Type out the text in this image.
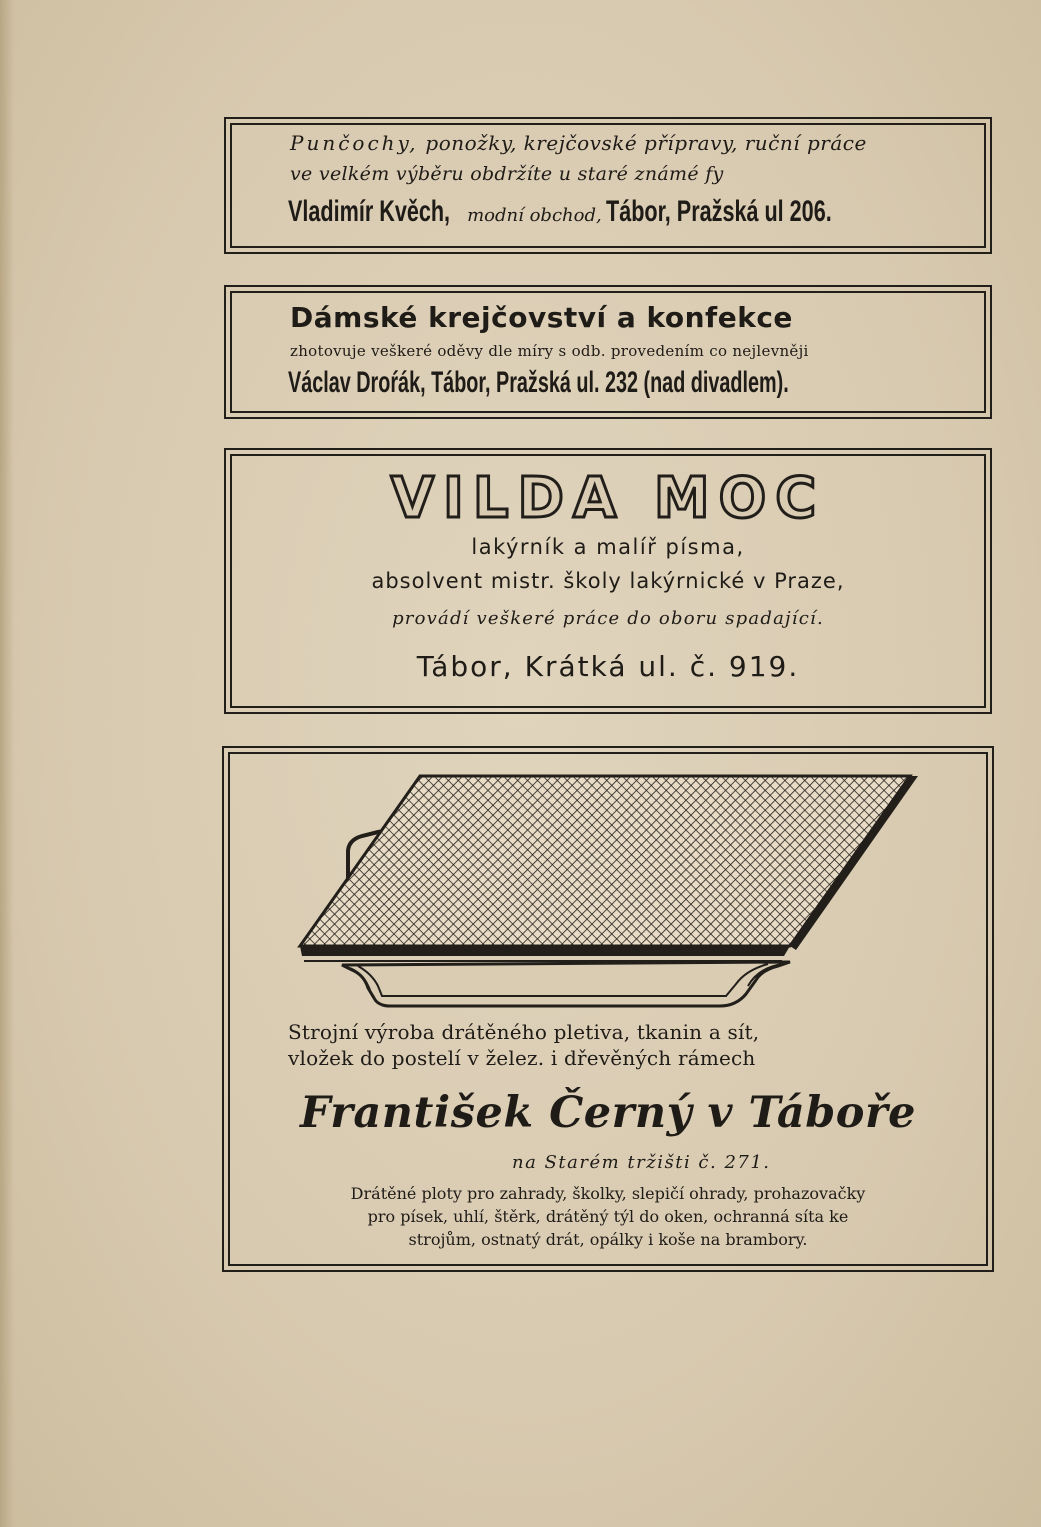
Punčochy, ponožky, krejčovské přípravy, ruční práce
ve velkém výběru obdržíte u staré známé fy
Vladimír Kvěch, modní obchod, Tábor, Pražská ul 206.
Dámské krejčovství a konfekce
zhotovuje veškeré oděvy dle míry s odb. provedením co nejlevněji
Václav Droŕák, Tábor, Pražská ul. 232 (nad divadlem).
VILDA MOC
lakýrník a malíř písma,
absolvent mistr. školy lakýrnické v Praze,
provádí veškeré práce do oboru spadající.
Tábor, Krátká ul. č. 919.
Strojní výroba drátěného pletiva, tkanin a sít,
vložek do postelí v želez. i dřevěných rámech
František Černý v Táboře
na Starém tržišti č. 271.
Drátěné ploty pro zahrady, školky, slepičí ohrady, prohazovačky
pro písek, uhlí, štěrk, drátěný týl do oken, ochranná síta ke
strojům, ostnatý drát, opálky i koše na brambory.
